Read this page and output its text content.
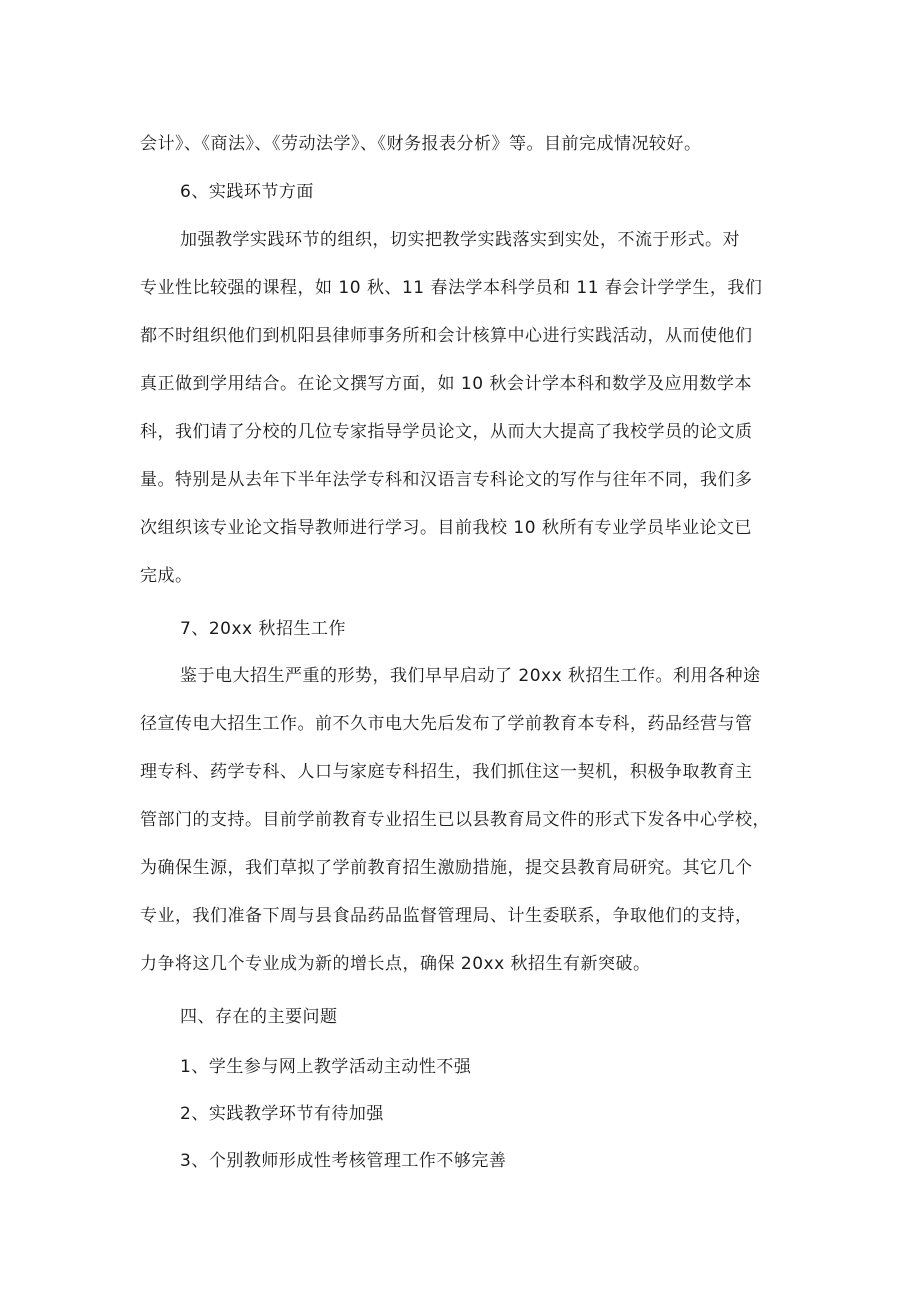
会计》、《商法》、《劳动法学》、《财务报表分析》等。目前完成情况较好。
6、实践环节方面
加强教学实践环节的组织，切实把教学实践落实到实处，不流于形式。对
专业性比较强的课程，如 10 秋、11 春法学本科学员和 11 春会计学学生，我们
都不时组织他们到机阳县律师事务所和会计核算中心进行实践活动，从而使他们
真正做到学用结合。在论文撰写方面，如 10 秋会计学本科和数学及应用数学本
科，我们请了分校的几位专家指导学员论文，从而大大提高了我校学员的论文质
量。特别是从去年下半年法学专科和汉语言专科论文的写作与往年不同，我们多
次组织该专业论文指导教师进行学习。目前我校 10 秋所有专业学员毕业论文已
完成。
7、20xx 秋招生工作
鉴于电大招生严重的形势，我们早早启动了 20xx 秋招生工作。利用各种途
径宣传电大招生工作。前不久市电大先后发布了学前教育本专科，药品经营与管
理专科、药学专科、人口与家庭专科招生，我们抓住这一契机，积极争取教育主
管部门的支持。目前学前教育专业招生已以县教育局文件的形式下发各中心学校，
为确保生源，我们草拟了学前教育招生激励措施，提交县教育局研究。其它几个
专业，我们准备下周与县食品药品监督管理局、计生委联系，争取他们的支持，
力争将这几个专业成为新的增长点，确保 20xx 秋招生有新突破。
四、存在的主要问题
1、学生参与网上教学活动主动性不强
2、实践教学环节有待加强
3、个别教师形成性考核管理工作不够完善
